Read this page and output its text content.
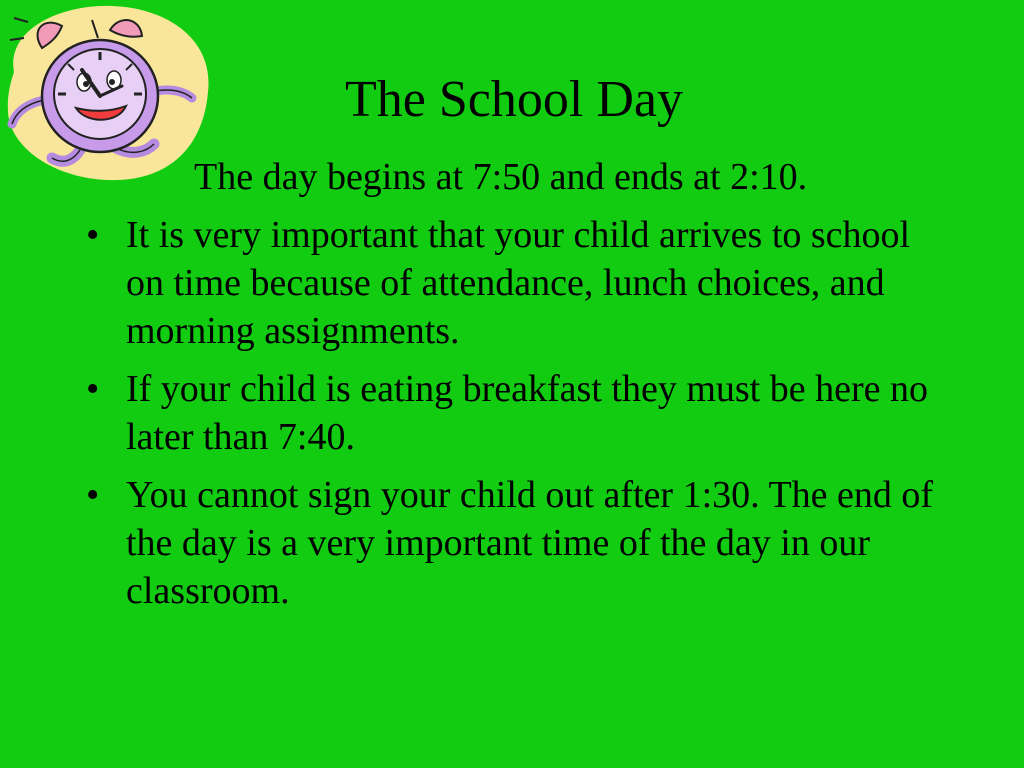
The School Day
The day begins at 7:50 and ends at 2:10.
• It is very important that your child arrives to school on time because of attendance, lunch choices, and morning assignments.
• If your child is eating breakfast they must be here no later than 7:40.
• You cannot sign your child out after 1:30. The end of the day is a very important time of the day in our classroom.
